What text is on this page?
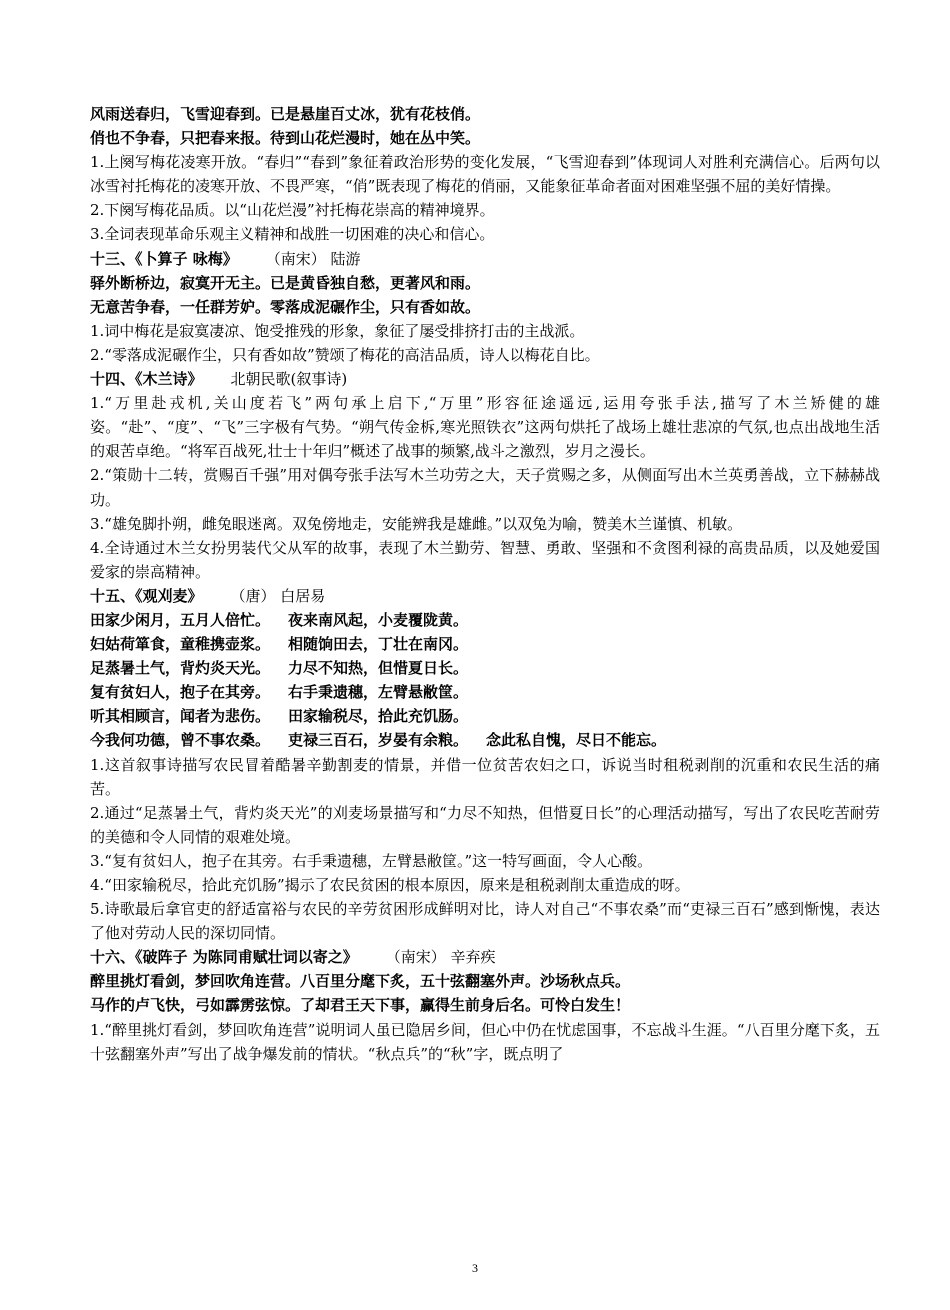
风雨送春归，飞雪迎春到。已是悬崖百丈冰，犹有花枝俏。

俏也不争春，只把春来报。待到山花烂漫时，她在丛中笑。

1.上阕写梅花凌寒开放。“春归”“春到”象征着政治形势的变化发展，“飞雪迎春到”体现词人对胜利充满信心。后两句以冰雪衬托梅花的凌寒开放、不畏严寒，“俏”既表现了梅花的俏丽，又能象征革命者面对困难坚强不屈的美好情操。

2.下阕写梅花品质。以“山花烂漫”衬托梅花崇高的精神境界。

3.全词表现革命乐观主义精神和战胜一切困难的决心和信心。

十三、《卜算子 咏梅》 （南宋） 陆游

驿外断桥边，寂寞开无主。已是黄昏独自愁，更著风和雨。

无意苦争春，一任群芳妒。零落成泥碾作尘，只有香如故。

1.词中梅花是寂寞凄凉、饱受推残的形象，象征了屡受排挤打击的主战派。

2.“零落成泥碾作尘，只有香如故”赞颂了梅花的高洁品质，诗人以梅花自比。

十四、《木兰诗》 北朝民歌(叙事诗)

1.“万里赴戎机,关山度若飞”两句承上启下,“万里”形容征途遥远,运用夸张手法,描写了木兰矫健的雄姿。“赴”、“度”、“飞”三字极有气势。“朔气传金柝,寒光照铁衣”这两句烘托了战场上雄壮悲凉的气氛,也点出战地生活的艰苦卓绝。“将军百战死,壮士十年归”概述了战事的频繁,战斗之激烈，岁月之漫长。

2.“策勋十二转，赏赐百千强”用对偶夸张手法写木兰功劳之大，天子赏赐之多，从侧面写出木兰英勇善战，立下赫赫战功。

3.“雄兔脚扑朔，雌兔眼迷离。双兔傍地走，安能辨我是雄雌。”以双兔为喻，赞美木兰谨慎、机敏。

4.全诗通过木兰女扮男装代父从军的故事，表现了木兰勤劳、智慧、勇敢、坚强和不贪图利禄的高贵品质，以及她爱国爱家的崇高精神。

十五、《观刈麦》 （唐） 白居易

田家少闲月，五月人倍忙。 夜来南风起，小麦覆陇黄。

妇姑荷箪食，童稚携壶浆。 相随饷田去，丁壮在南冈。

足蒸暑土气，背灼炎天光。 力尽不知热，但惜夏日长。

复有贫妇人，抱子在其旁。 右手秉遗穗，左臂悬敝筐。

听其相顾言，闻者为悲伤。 田家输税尽，拾此充饥肠。

今我何功德，曾不事农桑。 吏禄三百石，岁晏有余粮。 念此私自愧，尽日不能忘。

1.这首叙事诗描写农民冒着酷暑辛勤割麦的情景，并借一位贫苦农妇之口，诉说当时租税剥削的沉重和农民生活的痛苦。

2.通过“足蒸暑土气，背灼炎天光”的刈麦场景描写和“力尽不知热，但惜夏日长”的心理活动描写，写出了农民吃苦耐劳的美德和令人同情的艰难处境。

3.“复有贫妇人，抱子在其旁。右手秉遗穗，左臂悬敝筐。”这一特写画面，令人心酸。

4.“田家输税尽，拾此充饥肠”揭示了农民贫困的根本原因，原来是租税剥削太重造成的呀。

5.诗歌最后拿官吏的舒适富裕与农民的辛劳贫困形成鲜明对比，诗人对自己“不事农桑”而“吏禄三百石”感到惭愧，表达了他对劳动人民的深切同情。

十六、《破阵子 为陈同甫赋壮词以寄之》 （南宋） 辛弃疾

醉里挑灯看剑，梦回吹角连营。八百里分麾下炙，五十弦翻塞外声。沙场秋点兵。

马作的卢飞快，弓如霹雳弦惊。了却君王天下事，赢得生前身后名。可怜白发生！

1.“醉里挑灯看剑，梦回吹角连营”说明词人虽已隐居乡间，但心中仍在忧虑国事，不忘战斗生涯。“八百里分麾下炙，五十弦翻塞外声”写出了战争爆发前的情状。“秋点兵”的“秋”字，既点明了

3
